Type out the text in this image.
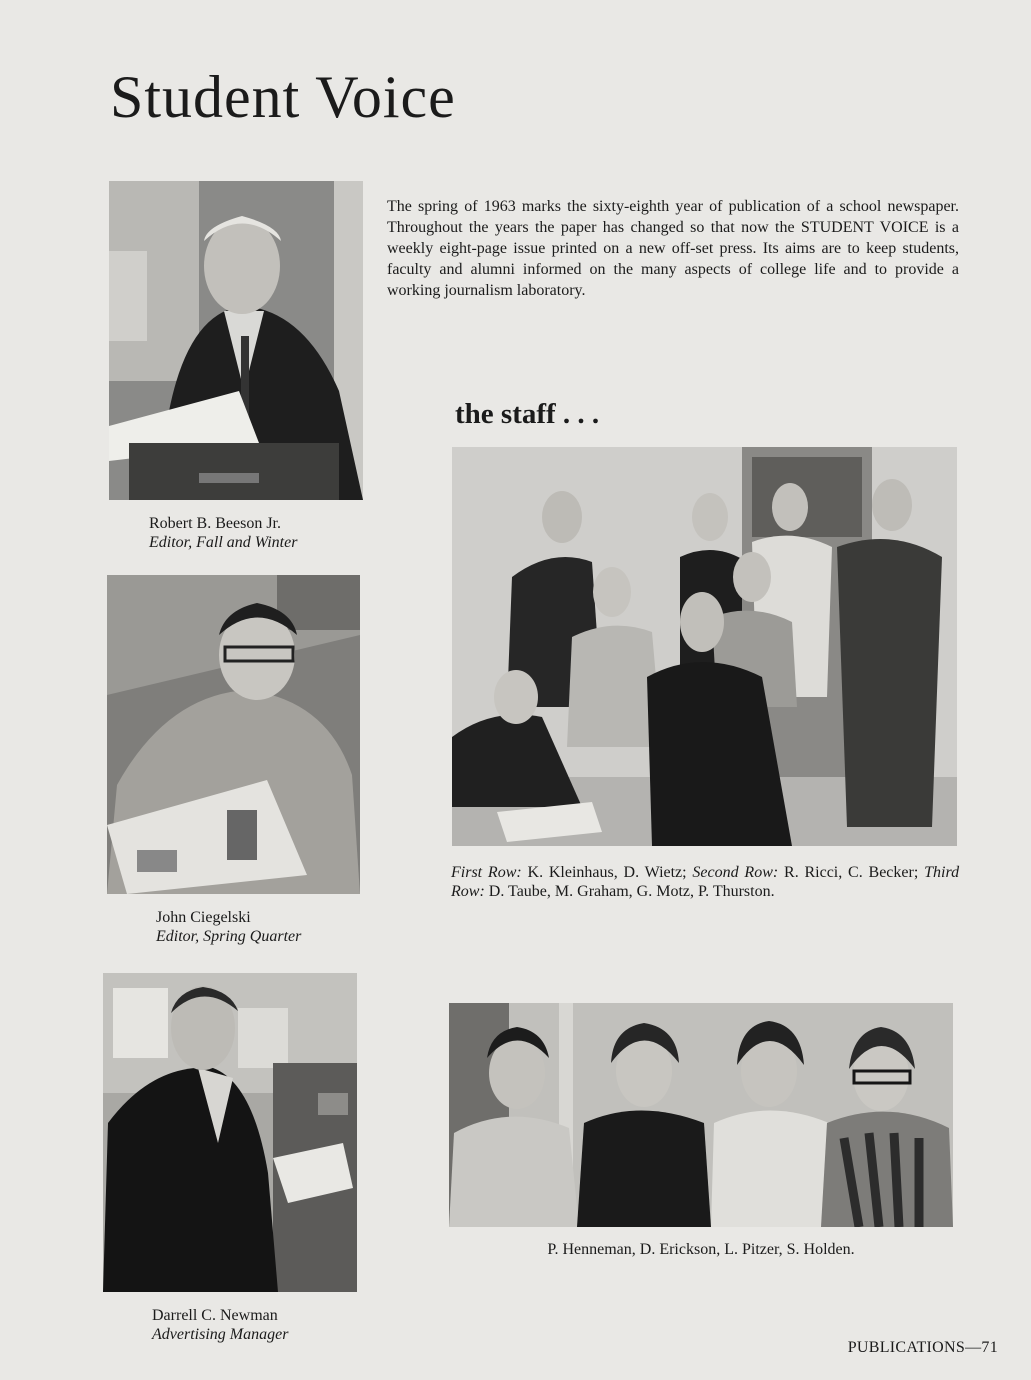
Student Voice

The spring of 1963 marks the sixty-eighth year of publication of a school newspaper. Throughout the years the paper has changed so that now the STUDENT VOICE is a weekly eight-page issue printed on a new off-set press. Its aims are to keep students, faculty and alumni informed on the many aspects of college life and to provide a working journalism laboratory.

Robert B. Beeson Jr.
Editor, Fall and Winter
John Ciegelski
Editor, Spring Quarter
Darrell C. Newman
Advertising Manager
the staff . . .
First Row: K. Kleinhaus, D. Wietz; Second Row: R. Ricci, C. Becker; Third Row: D. Taube, M. Graham, G. Motz, P. Thurston.
P. Henneman, D. Erickson, L. Pitzer, S. Holden.
PUBLICATIONS—71
